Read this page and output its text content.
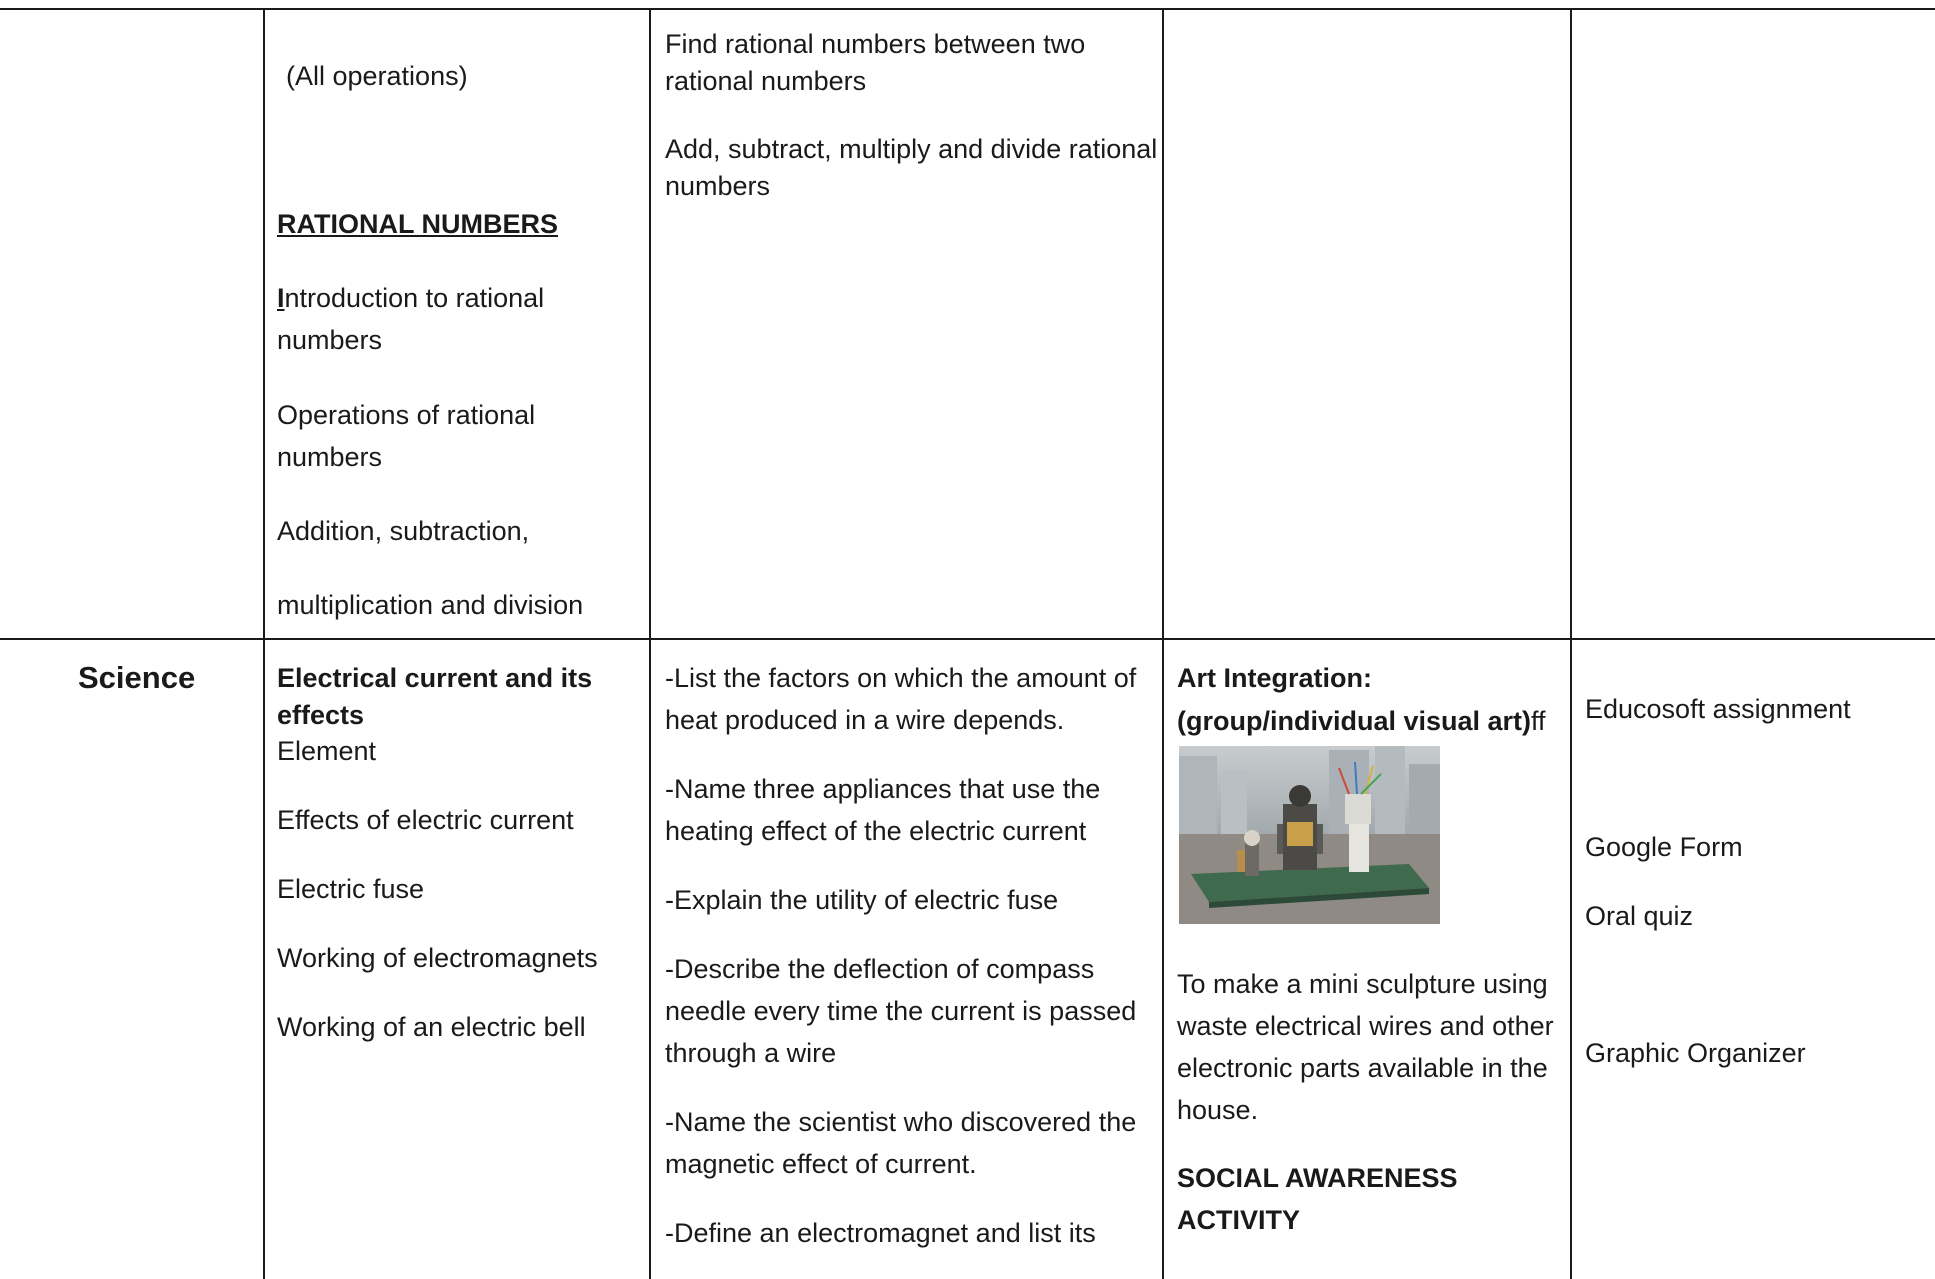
(All operations)
RATIONAL NUMBERS
Introduction to rational
numbers
Operations of rational
numbers
Addition, subtraction,
multiplication and division
Find rational numbers between two
rational numbers
Add, subtract, multiply and divide rational
numbers
Science	Electrical current and its
effects
Element
Effects of electric current
Electric fuse
Working of electromagnets
Working of an electric bell
-List the factors on which the amount of
heat produced in a wire depends.
-Name three appliances that use the
heating effect of the electric current
-Explain the utility of electric fuse
-Describe the deflection of compass
needle every time the current is passed
through a wire
-Name the scientist who discovered the
magnetic effect of current.
-Define an electromagnet and list its
Art Integration:
(group/individual visual art)ff
To make a mini sculpture using
waste electrical wires and other
electronic parts available in the
house.
SOCIAL AWARENESS
ACTIVITY
Educosoft assignment
Google Form
Oral quiz
Graphic Organizer
